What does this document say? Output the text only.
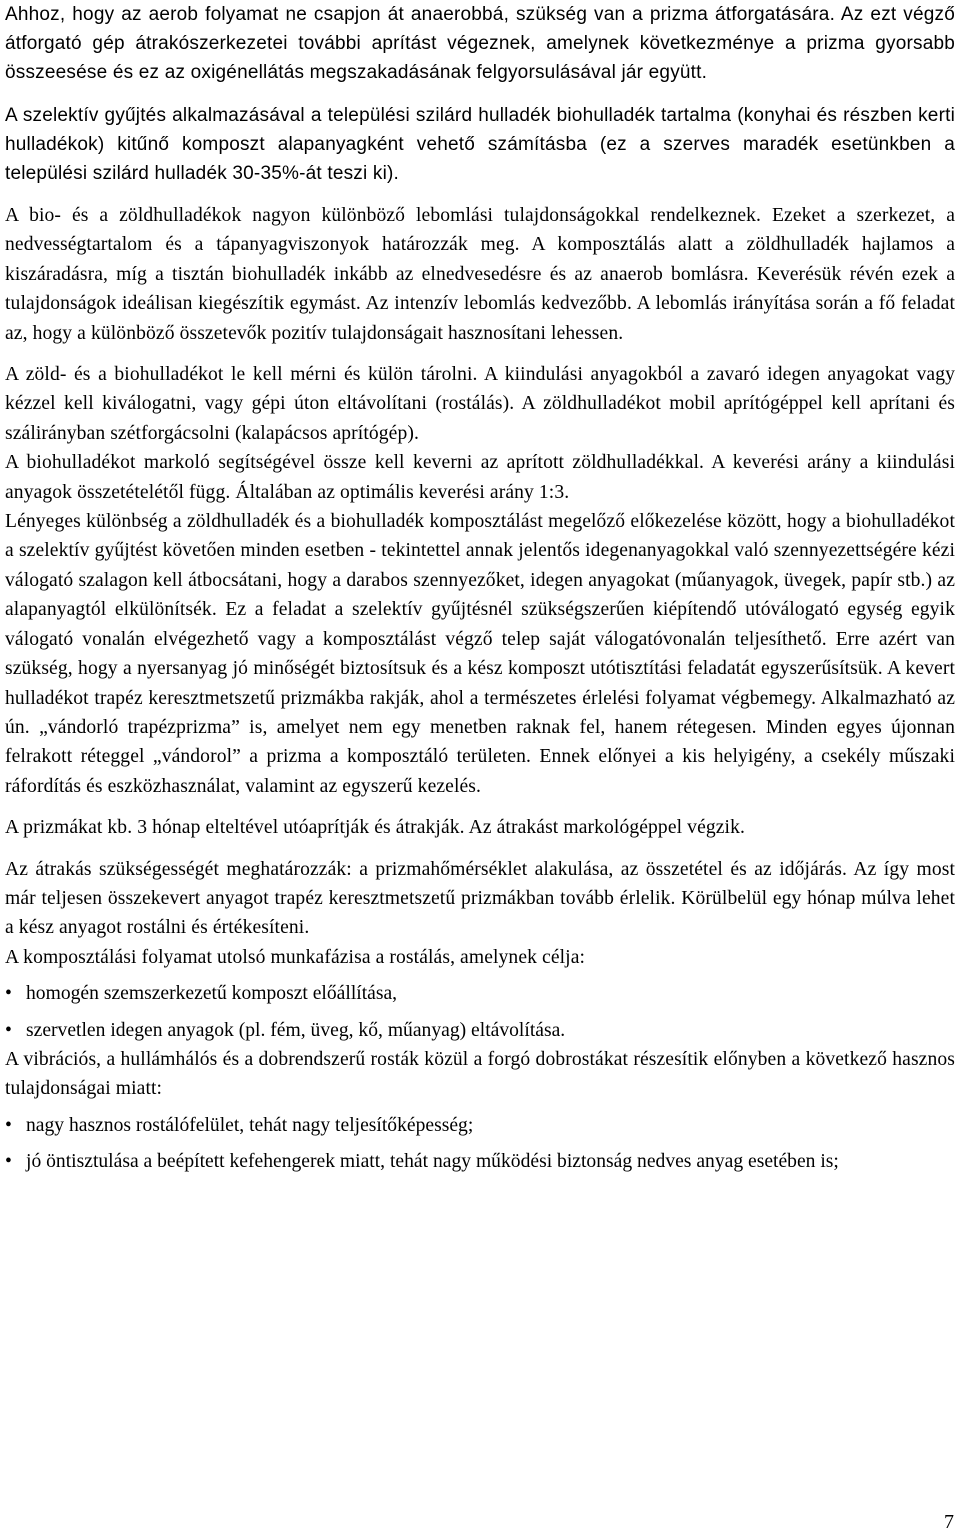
Ahhoz, hogy az aerob folyamat ne csapjon át anaerobbá, szükség van a prizma átforgatására. Az ezt végző átforgató gép átrakószerkezetei további aprítást végeznek, amelynek következménye a prizma gyorsabb összeesése és ez az oxigénellátás megszakadásának felgyorsulásával jár együtt.

A szelektív gyűjtés alkalmazásával a települési szilárd hulladék biohulladék tartalma (konyhai és részben kerti hulladékok) kitűnő komposzt alapanyagként vehető számításba (ez a szerves maradék esetünkben a települési szilárd hulladék 30-35%-át teszi ki).

A bio- és a zöldhulladékok nagyon különböző lebomlási tulajdonságokkal rendelkeznek. Ezeket a szerkezet, a nedvességtartalom és a tápanyagviszonyok határozzák meg. A komposztálás alatt a zöldhulladék hajlamos a kiszáradásra, míg a tisztán biohulladék inkább az elnedvesedésre és az anaerob bomlásra. Keverésük révén ezek a tulajdonságok ideálisan kiegészítik egymást. Az intenzív lebomlás kedvezőbb. A lebomlás irányítása során a fő feladat az, hogy a különböző összetevők pozitív tulajdonságait hasznosítani lehessen.

A zöld- és a biohulladékot le kell mérni és külön tárolni. A kiindulási anyagokból a zavaró idegen anyagokat vagy kézzel kell kiválogatni, vagy gépi úton eltávolítani (rostálás). A zöldhulladékot mobil aprítógéppel kell aprítani és szálirányban szétforgácsolni (kalapácsos aprítógép).

A biohulladékot markoló segítségével össze kell keverni az aprított zöldhulladékkal. A keverési arány a kiindulási anyagok összetételétől függ. Általában az optimális keverési arány 1:3.

Lényeges különbség a zöldhulladék és a biohulladék komposztálást megelőző előkezelése között, hogy a biohulladékot a szelektív gyűjtést követően minden esetben - tekintettel annak jelentős idegenanyagokkal való szennyezettségére kézi válogató szalagon kell átbocsátani, hogy a darabos szennyezőket, idegen anyagokat (műanyagok, üvegek, papír stb.) az alapanyagtól elkülönítsék. Ez a feladat a szelektív gyűjtésnél szükségszerűen kiépítendő utóválogató egység egyik válogató vonalán elvégezhető vagy a komposztálást végző telep saját válogatóvonalán teljesíthető. Erre azért van szükség, hogy a nyersanyag jó minőségét biztosítsuk és a kész komposzt utótisztítási feladatát egyszerűsítsük. A kevert hulladékot trapéz keresztmetszetű prizmákba rakják, ahol a természetes érlelési folyamat végbemegy. Alkalmazható az ún. „vándorló trapézprizma” is, amelyet nem egy menetben raknak fel, hanem rétegesen. Minden egyes újonnan felrakott réteggel „vándorol” a prizma a komposztáló területen. Ennek előnyei a kis helyigény, a csekély műszaki ráfordítás és eszközhasználat, valamint az egyszerű kezelés.

A prizmákat kb. 3 hónap elteltével utóaprítják és átrakják. Az átrakást markológéppel végzik.

Az átrakás szükségességét meghatározzák: a prizmahőmérséklet alakulása, az összetétel és az időjárás. Az így most már teljesen összekevert anyagot trapéz keresztmetszetű prizmákban tovább érlelik. Körülbelül egy hónap múlva lehet a kész anyagot rostálni és értékesíteni.

A komposztálási folyamat utolsó munkafázisa a rostálás, amelynek célja:

• homogén szemszerkezetű komposzt előállítása,
• szervetlen idegen anyagok (pl. fém, üveg, kő, műanyag) eltávolítása.

A vibrációs, a hullámhálós és a dobrendszerű rosták közül a forgó dobrostákat részesítik előnyben a következő hasznos tulajdonságai miatt:

• nagy hasznos rostálófelület, tehát nagy teljesítőképesség;
• jó öntisztulása a beépített kefehengerek miatt, tehát nagy működési biztonság nedves anyag esetében is;
7
